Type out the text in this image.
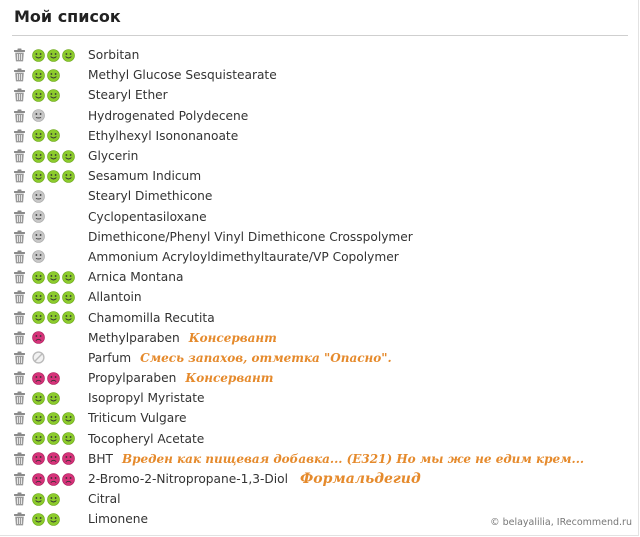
Мой список
Sorbitan
Methyl Glucose Sesquistearate
Stearyl Ether
Hydrogenated Polydecene
Ethylhexyl Isononanoate
Glycerin
Sesamum Indicum
Stearyl Dimethicone
Cyclopentasiloxane
Dimethicone/Phenyl Vinyl Dimethicone Crosspolymer
Ammonium Acryloyldimethyltaurate/VP Copolymer
Arnica Montana
Allantoin
Chamomilla Recutita
Methylparaben Консервант
Parfum Смесь запахов, отметка "Опасно".
Propylparaben Консервант
Isopropyl Myristate
Triticum Vulgare
Tocopheryl Acetate
BHT Вреден как пищевая добавка... (E321) Но мы же не едим крем...
2-Bromo-2-Nitropropane-1,3-Diol Формальдегид
Citral
Limonene	© belayalilia, IRecommend.ru
